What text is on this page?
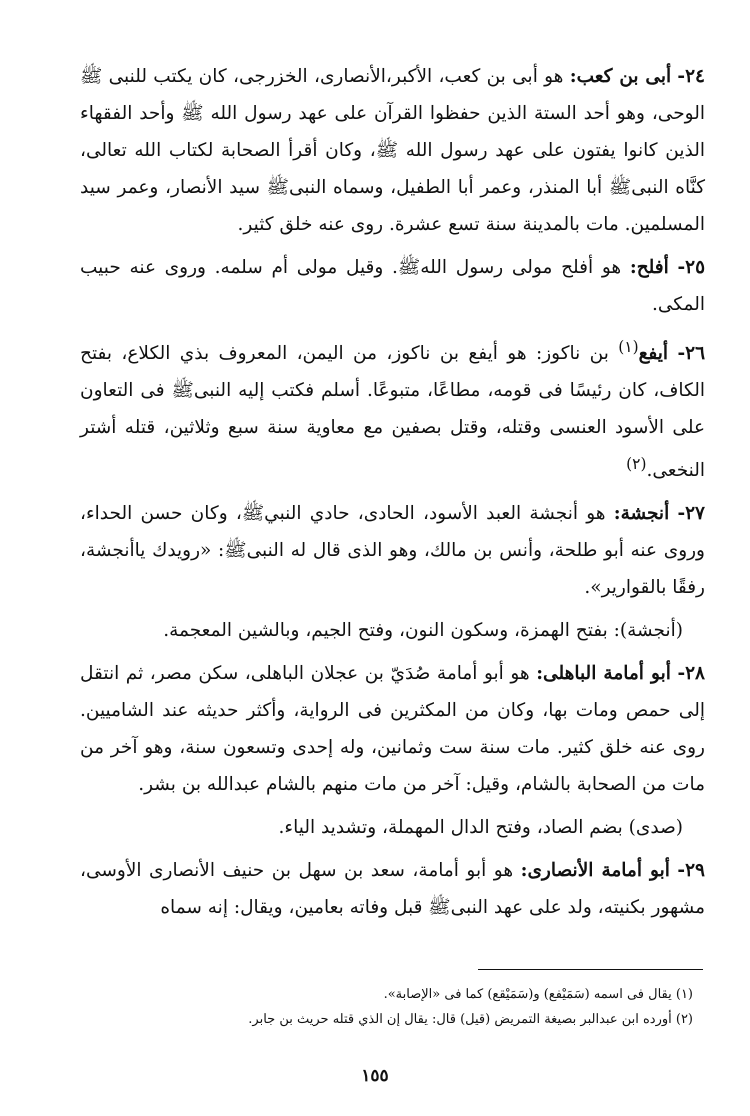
٢٤- أبى بن كعب: هو أبى بن كعب، الأكبر،الأنصارى، الخزرجى، كان يكتب للنبى ﷺ الوحى، وهو أحد الستة الذين حفظوا القرآن على عهد رسول الله ﷺ وأحد الفقهاء الذين كانوا يفتون على عهد رسول الله ﷺ، وكان أقرأ الصحابة لكتاب الله تعالى، كنَّاه النبىﷺ أبا المنذر، وعمر أبا الطفيل، وسماه النبىﷺ سيد الأنصار، وعمر سيد المسلمين. مات بالمدينة سنة تسع عشرة. روى عنه خلق كثير.

٢٥- أفلح: هو أفلح مولى رسول اللهﷺ. وقيل مولى أم سلمه. وروى عنه حبيب المكى.

٢٦- أيفع$^{(١)}$ بن ناكوز: هو أيفع بن ناكوز، من اليمن، المعروف بذي الكلاع، بفتح الكاف، كان رئيسًا فى قومه، مطاعًا، متبوعًا. أسلم فكتب إليه النبىﷺ فى التعاون على الأسود العنسى وقتله، وقتل بصفين مع معاوية سنة سبع وثلاثين، قتله أشتر النخعى.$^{(٢)}$

٢٧- أنجشة: هو أنجشة العبد الأسود، الحادى، حادي النبيﷺ، وكان حسن الحداء، وروى عنه أبو طلحة، وأنس بن مالك، وهو الذى قال له النبىﷺ: «رويدك ياأنجشة، رفقًا بالقوارير».

(أنجشة): بفتح الهمزة، وسكون النون، وفتح الجيم، وبالشين المعجمة.

٢٨- أبو أمامة الباهلى: هو أبو أمامة صُدَيّ بن عجلان الباهلى، سكن مصر، ثم انتقل إلى حمص ومات بها، وكان من المكثرين فى الرواية، وأكثر حديثه عند الشاميين. روى عنه خلق كثير. مات سنة ست وثمانين، وله إحدى وتسعون سنة، وهو آخر من مات من الصحابة بالشام، وقيل: آخر من مات منهم بالشام عبدالله بن بشر.

(صدى) بضم الصاد، وفتح الدال المهملة، وتشديد الياء.

٢٩- أبو أمامة الأنصارى: هو أبو أمامة، سعد بن سهل بن حنيف الأنصارى الأوسى، مشهور بكنيته، ولد على عهد النبىﷺ قبل وفاته بعامين، ويقال: إنه سماه

(١) يقال فى اسمه (سَمَيْفع) و(سَمَيْقع) كما فى «الإصابة».
(٢) أورده ابن عبدالبر بصيغة التمريض (قيل) قال: يقال إن الذي قتله حريث بن جابر.
١٥٥
